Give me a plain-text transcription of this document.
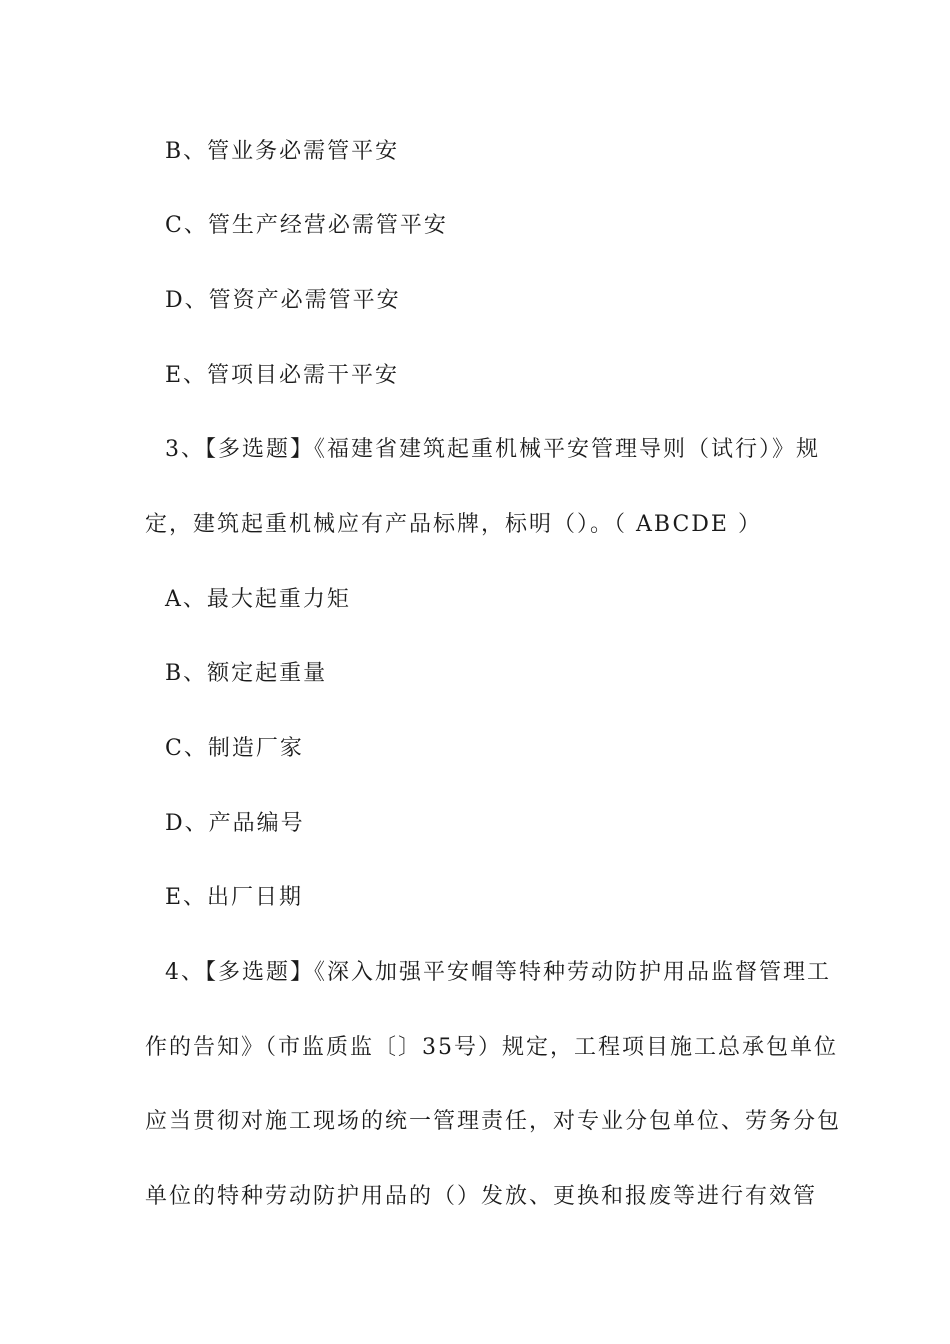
B、管业务必需管平安
C、管生产经营必需管平安
D、管资产必需管平安
E、管项目必需干平安
3、【多选题】《福建省建筑起重机械平安管理导则（试行）》规
定，建筑起重机械应有产品标牌，标明（）。（ ABCDE ）
A、最大起重力矩
B、额定起重量
C、制造厂家
D、产品编号
E、出厂日期
4、【多选题】《深入加强平安帽等特种劳动防护用品监督管理工
作的告知》（市监质监〔〕35号）规定，工程项目施工总承包单位
应当贯彻对施工现场的统一管理责任，对专业分包单位、劳务分包
单位的特种劳动防护用品的（）发放、更换和报废等进行有效管
